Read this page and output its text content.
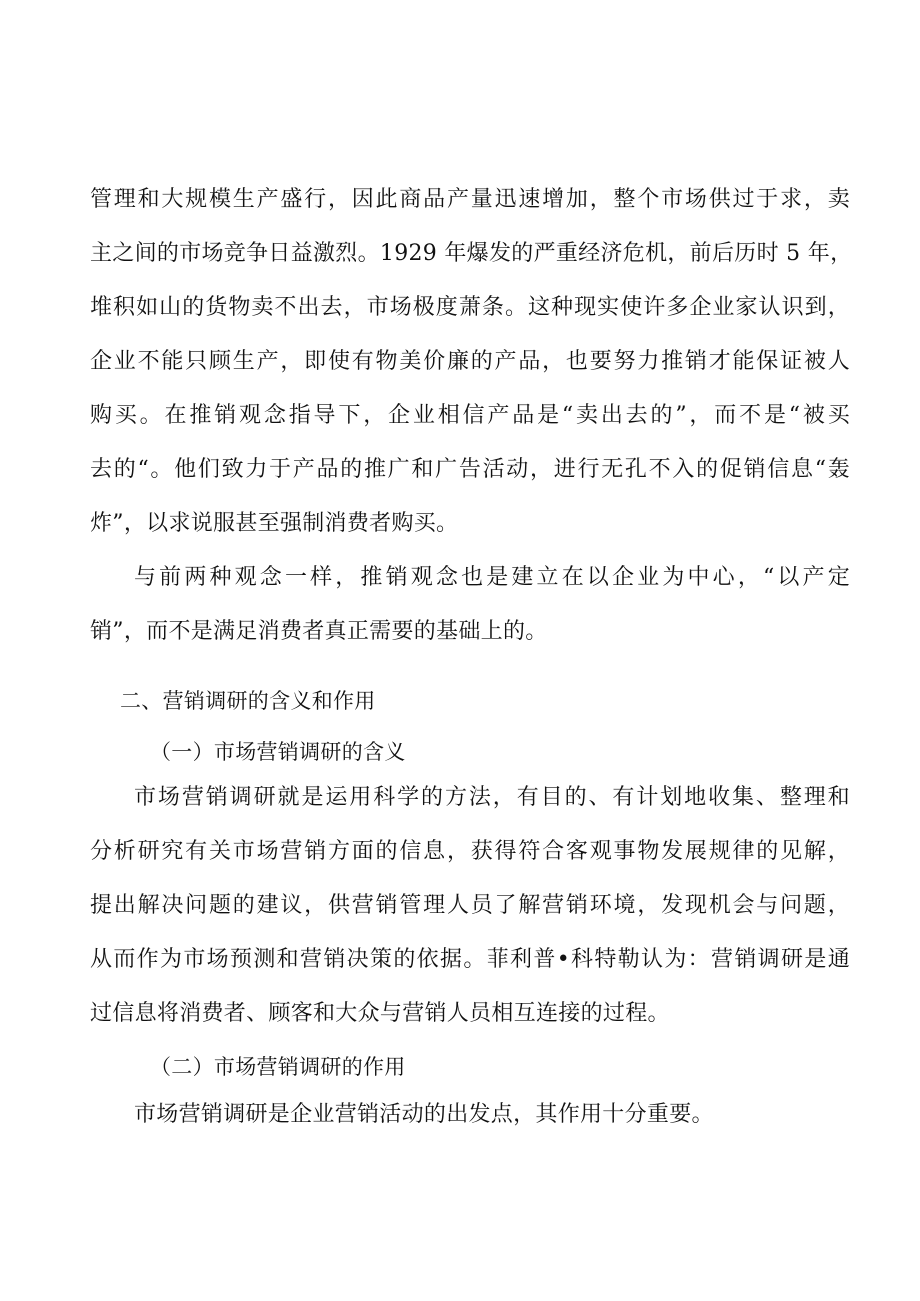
管理和大规模生产盛行，因此商品产量迅速增加，整个市场供过于求，卖
主之间的市场竞争日益激烈。1929 年爆发的严重经济危机，前后历时 5 年，
堆积如山的货物卖不出去，市场极度萧条。这种现实使许多企业家认识到，
企业不能只顾生产，即使有物美价廉的产品，也要努力推销才能保证被人
购买。在推销观念指导下，企业相信产品是“卖出去的”，而不是“被买
去的“。他们致力于产品的推广和广告活动，进行无孔不入的促销信息“轰
炸”，以求说服甚至强制消费者购买。
与前两种观念一样，推销观念也是建立在以企业为中心，“以产定
销”，而不是满足消费者真正需要的基础上的。
二、营销调研的含义和作用
（一）市场营销调研的含义
市场营销调研就是运用科学的方法，有目的、有计划地收集、整理和
分析研究有关市场营销方面的信息，获得符合客观事物发展规律的见解，
提出解决问题的建议，供营销管理人员了解营销环境，发现机会与问题，
从而作为市场预测和营销决策的依据。菲利普•科特勒认为：营销调研是通
过信息将消费者、顾客和大众与营销人员相互连接的过程。
（二）市场营销调研的作用
市场营销调研是企业营销活动的出发点，其作用十分重要。
